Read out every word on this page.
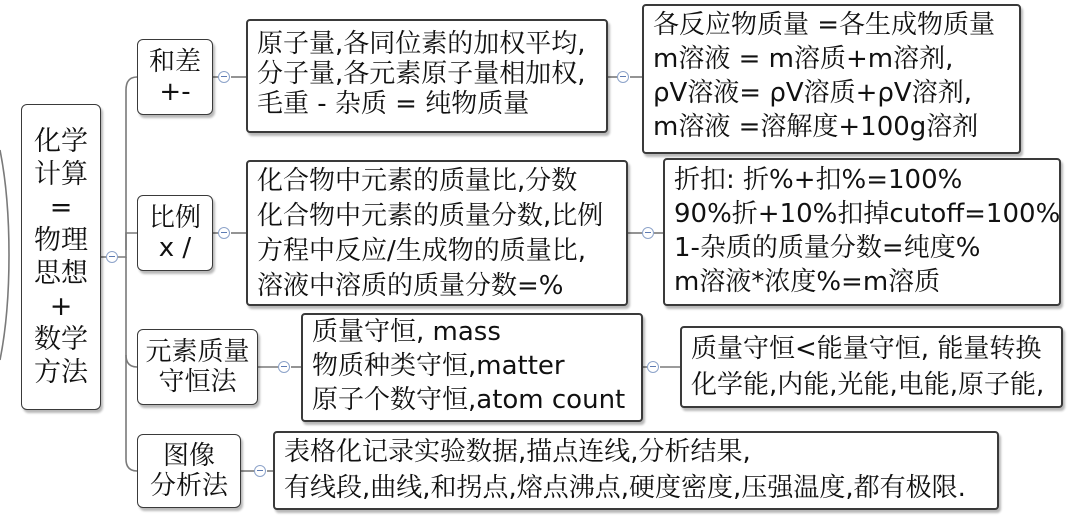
化学
计算
=
物理
思想
+
数学
方法
和差
+-
比例
x /
元素质量
守恒法
图像
分析法
原子量,各同位素的加权平均,
分子量,各元素原子量相加权,
毛重 - 杂质 = 纯物质量
各反应物质量 =各生成物质量
m溶液 = m溶质+m溶剂,
ρV溶液= ρV溶质+ρV溶剂,
m溶液 =溶解度+100g溶剂
化合物中元素的质量比,分数
化合物中元素的质量分数,比例
方程中反应/生成物的质量比,
溶液中溶质的质量分数=%
折扣: 折%+扣%=100%
90%折+10%扣掉cutoff=100%
1-杂质的质量分数=纯度%
m溶液*浓度%=m溶质
质量守恒, mass
物质种类守恒,matter
原子个数守恒,atom count
质量守恒<能量守恒, 能量转换
化学能,内能,光能,电能,原子能,
表格化记录实验数据,描点连线,分析结果,
有线段,曲线,和拐点,熔点沸点,硬度密度,压强温度,都有极限.
